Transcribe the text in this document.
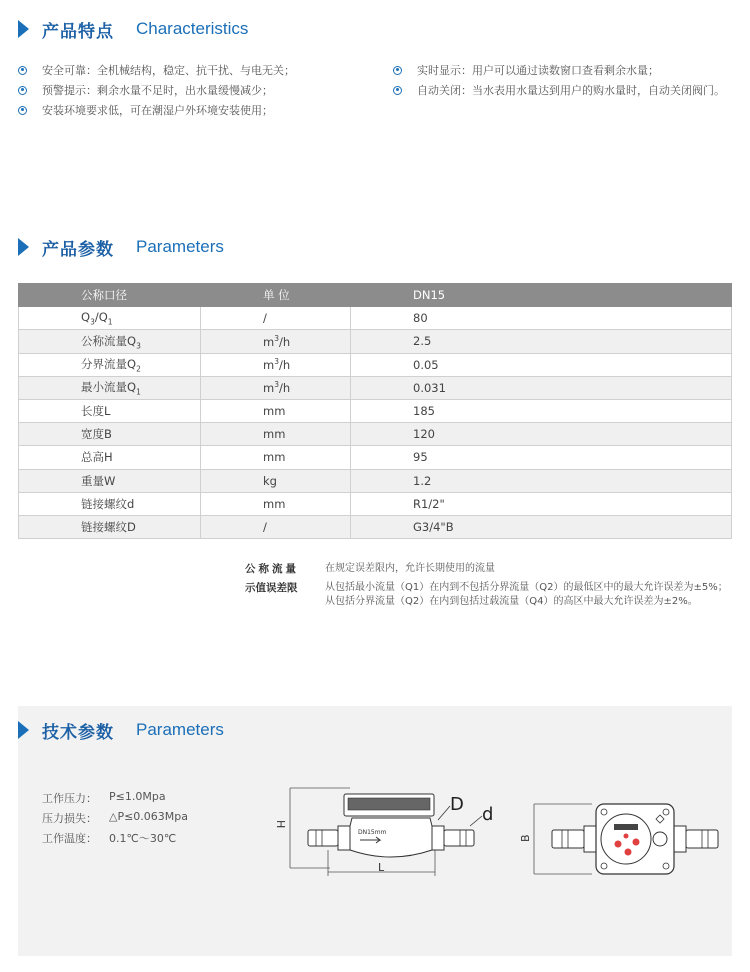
产品特点 Characteristics
安全可靠：全机械结构，稳定、抗干扰、与电无关；
预警提示：剩余水量不足时，出水量缓慢减少；
安装环境要求低，可在潮湿户外环境安装使用；
实时显示：用户可以通过读数窗口查看剩余水量；
自动关闭：当水表用水量达到用户的购水量时，自动关闭阀门。
产品参数 Parameters
公称口径	单 位	DN15
$Q_3/Q_1$	/	80
公称流量$Q_3$	$m^3/h$	2.5
分界流量$Q_2$	$m^3/h$	0.05
最小流量$Q_1$	$m^3/h$	0.031
长度L	mm	185
宽度B	mm	120
总高H	mm	95
重量W	kg	1.2
链接螺纹d	mm	R1/2"
链接螺纹D	/	G3/4"B
公称流量	在规定误差限内，允许长期使用的流量
示值误差限	从包括最小流量（Q1）在内到不包括分界流量（Q2）的最低区中的最大允许误差为±5%；
从包括分界流量（Q2）在内到包括过载流量（Q4）的高区中最大允许误差为±2%。
技术参数 Parameters
工作压力：	P≤1.0Mpa
压力损失：	△P≤0.063Mpa
工作温度：	0.1℃～30℃
H
L
DN15mm
D d
B
